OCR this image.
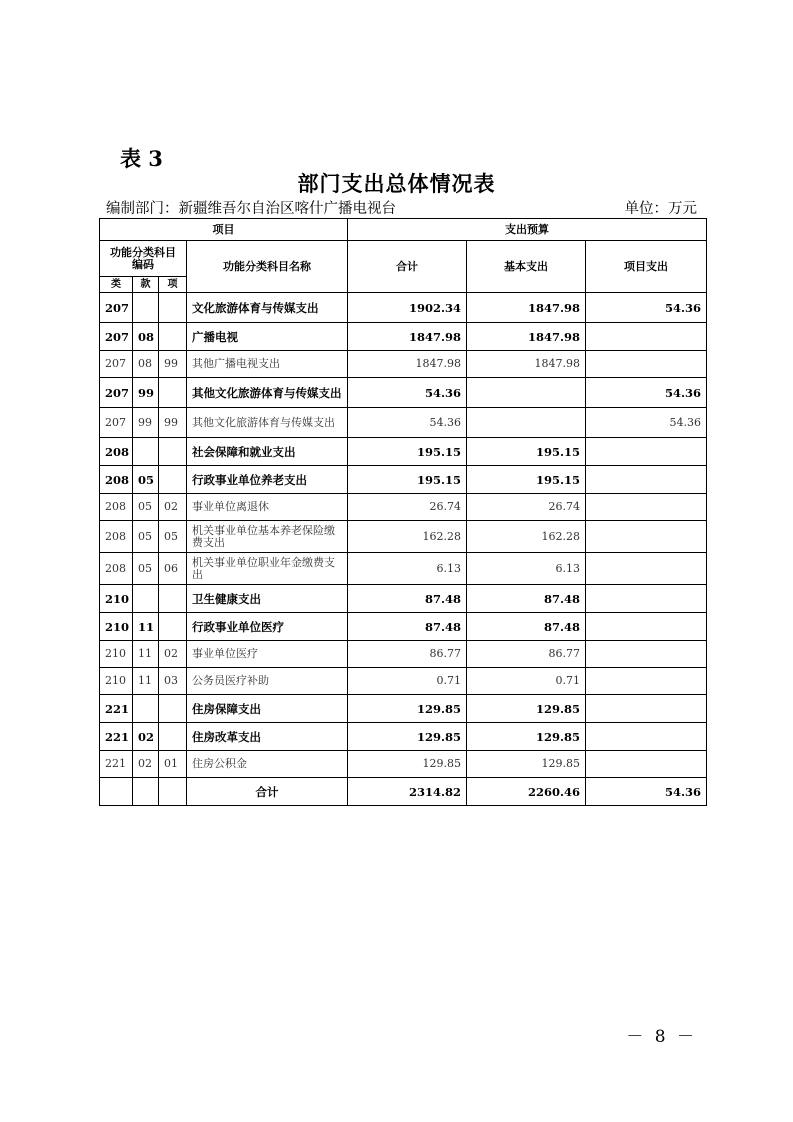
表 3
部门支出总体情况表
编制部门：新疆维吾尔自治区喀什广播电视台	单位：万元
项目				支出预算		
功能分类科目编码			功能分类科目名称	合计	基本支出	项目支出
类	款	项				
207			文化旅游体育与传媒支出	1902.34	1847.98	54.36
207	08		广播电视	1847.98	1847.98	
207	08	99	其他广播电视支出	1847.98	1847.98	
207	99		其他文化旅游体育与传媒支出	54.36		54.36
207	99	99	其他文化旅游体育与传媒支出	54.36		54.36
208			社会保障和就业支出	195.15	195.15	
208	05		行政事业单位养老支出	195.15	195.15	
208	05	02	事业单位离退休	26.74	26.74	
208	05	05	机关事业单位基本养老保险缴费支出	162.28	162.28	
208	05	06	机关事业单位职业年金缴费支出	6.13	6.13	
210			卫生健康支出	87.48	87.48	
210	11		行政事业单位医疗	87.48	87.48	
210	11	02	事业单位医疗	86.77	86.77	
210	11	03	公务员医疗补助	0.71	0.71	
221			住房保障支出	129.85	129.85	
221	02		住房改革支出	129.85	129.85	
221	02	01	住房公积金	129.85	129.85	
			合计	2314.82	2260.46	54.36
－ 8 －
